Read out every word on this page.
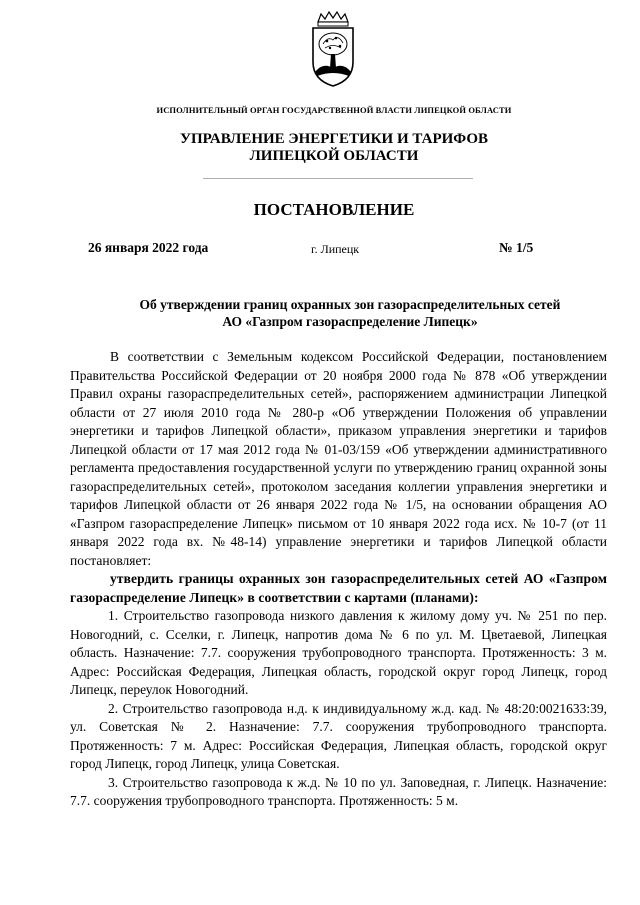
ИСПОЛНИТЕЛЬНЫЙ ОРГАН ГОСУДАРСТВЕННОЙ ВЛАСТИ ЛИПЕЦКОЙ ОБЛАСТИ
УПРАВЛЕНИЕ ЭНЕРГЕТИКИ И ТАРИФОВ
ЛИПЕЦКОЙ ОБЛАСТИ
ПОСТАНОВЛЕНИЕ
26 января 2022 года	г. Липецк	№ 1/5
Об утверждении границ охранных зон газораспределительных сетей
АО «Газпром газораспределение Липецк»

В соответствии с Земельным кодексом Российской Федерации, постановлением Правительства Российской Федерации от 20 ноября 2000 года № 878 «Об утверждении Правил охраны газораспределительных сетей», распоряжением администрации Липецкой области от 27 июля 2010 года № 280-р «Об утверждении Положения об управлении энергетики и тарифов Липецкой области», приказом управления энергетики и тарифов Липецкой области от 17 мая 2012 года № 01-03/159 «Об утверждении административного регламента предоставления государственной услуги по утверждению границ охранной зоны газораспределительных сетей», протоколом заседания коллегии управления энергетики и тарифов Липецкой области от 26 января 2022 года № 1/5, на основании обращения АО «Газпром газораспределение Липецк» письмом от 10 января 2022 года исх. № 10-7 (от 11 января 2022 года вх. №48-14) управление энергетики и тарифов Липецкой области постановляет:

утвердить границы охранных зон газораспределительных сетей АО «Газпром газораспределение Липецк» в соответствии с картами (планами):

1. Строительство газопровода низкого давления к жилому дому уч. № 251 по пер. Новогодний, с. Сселки, г. Липецк, напротив дома № 6 по ул. М. Цветаевой, Липецкая область. Назначение: 7.7. сооружения трубопроводного транспорта. Протяженность: 3 м. Адрес: Российская Федерация, Липецкая область, городской округ город Липецк, город Липецк, переулок Новогодний.

2. Строительство газопровода н.д. к индивидуальному ж.д. кад. № 48:20:0021633:39, ул. Советская № 2. Назначение: 7.7. сооружения трубопроводного транспорта. Протяженность: 7 м. Адрес: Российская Федерация, Липецкая область, городской округ город Липецк, город Липецк, улица Советская.

3. Строительство газопровода к ж.д. № 10 по ул. Заповедная, г. Липецк. Назначение: 7.7. сооружения трубопроводного транспорта. Протяженность: 5 м.
